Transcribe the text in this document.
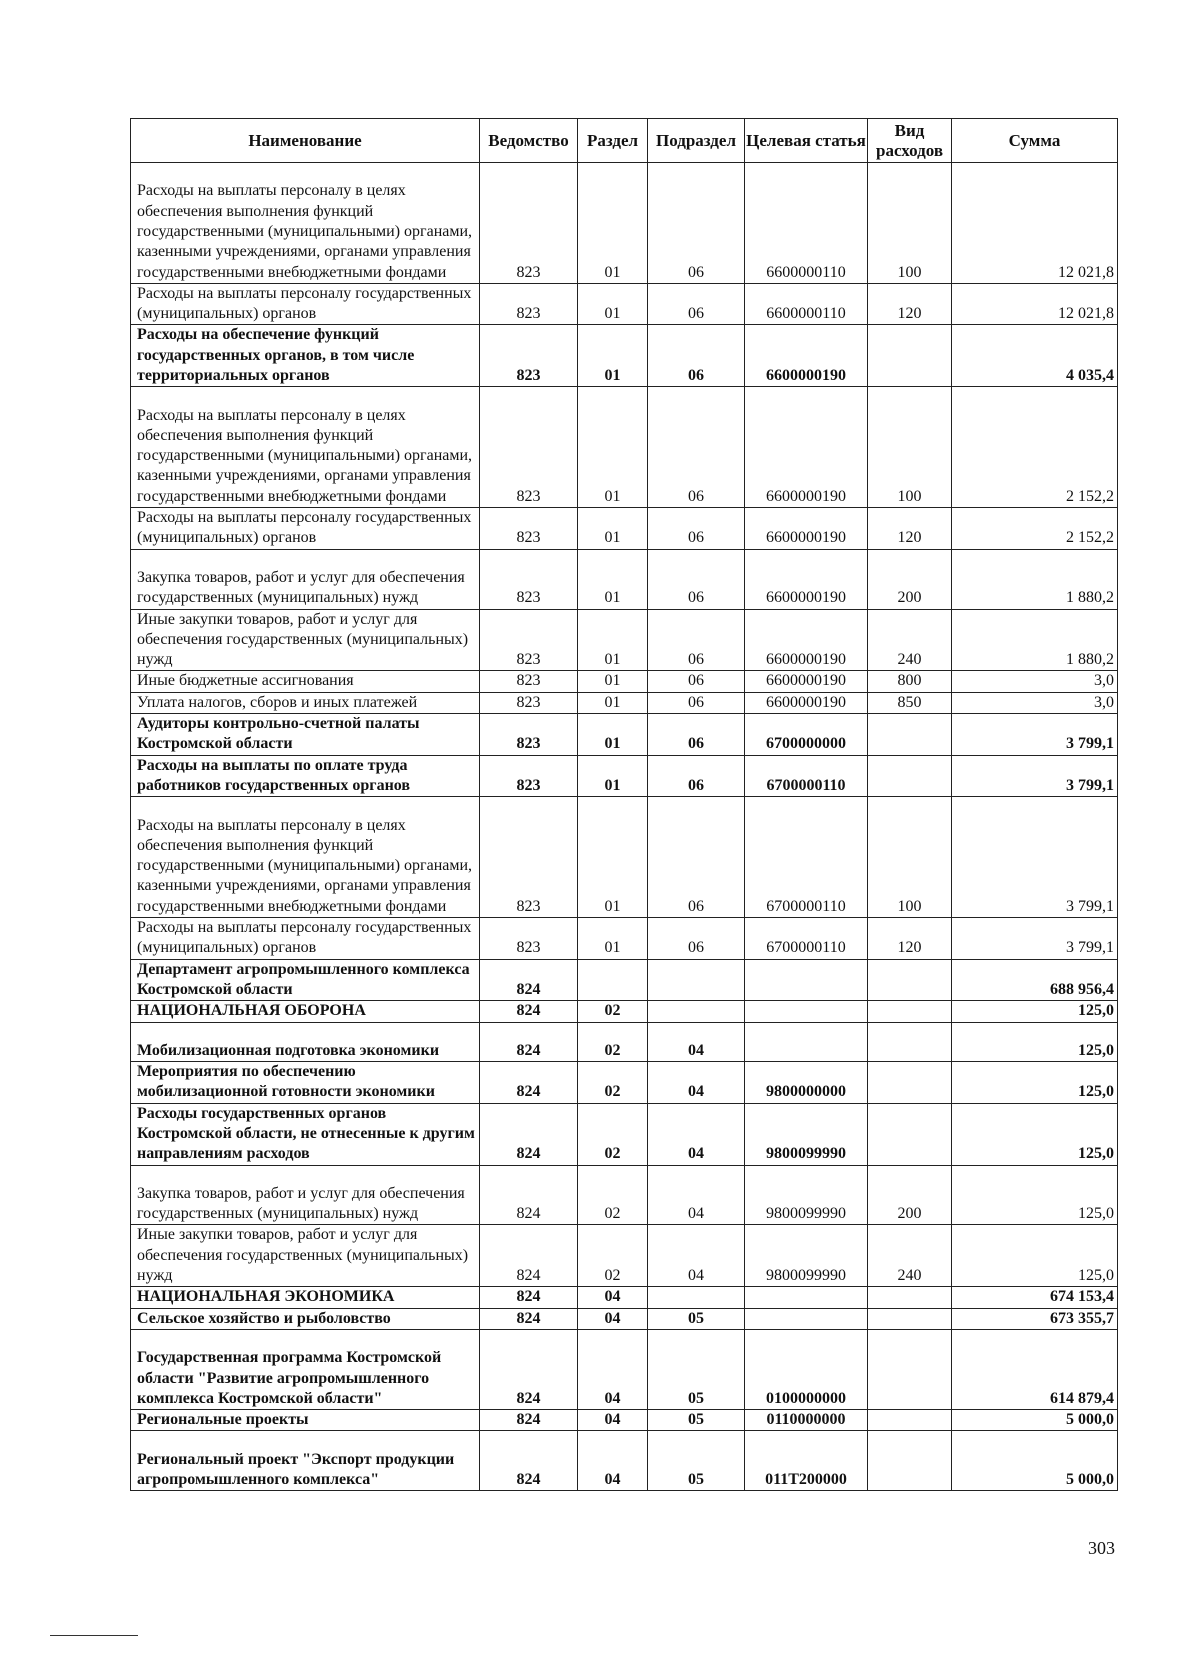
Наименование	Ведомство	Раздел	Подраздел	Целевая статья	Вид расходов	Сумма
Расходы на выплаты персоналу в целях обеспечения выполнения функций государственными (муниципальными) органами, казенными учреждениями, органами управления государственными внебюджетными фондами	823	01	06	6600000110	100	12 021,8
Расходы на выплаты персоналу государственных (муниципальных) органов	823	01	06	6600000110	120	12 021,8
Расходы на обеспечение функций государственных органов, в том числе территориальных органов	823	01	06	6600000190		4 035,4
Расходы на выплаты персоналу в целях обеспечения выполнения функций государственными (муниципальными) органами, казенными учреждениями, органами управления государственными внебюджетными фондами	823	01	06	6600000190	100	2 152,2
Расходы на выплаты персоналу государственных (муниципальных) органов	823	01	06	6600000190	120	2 152,2
Закупка товаров, работ и услуг для обеспечения государственных (муниципальных) нужд	823	01	06	6600000190	200	1 880,2
Иные закупки товаров, работ и услуг для обеспечения государственных (муниципальных) нужд	823	01	06	6600000190	240	1 880,2
Иные бюджетные ассигнования	823	01	06	6600000190	800	3,0
Уплата налогов, сборов и иных платежей	823	01	06	6600000190	850	3,0
Аудиторы контрольно-счетной палаты Костромской области	823	01	06	6700000000		3 799,1
Расходы на выплаты по оплате труда работников государственных органов	823	01	06	6700000110		3 799,1
Расходы на выплаты персоналу в целях обеспечения выполнения функций государственными (муниципальными) органами, казенными учреждениями, органами управления государственными внебюджетными фондами	823	01	06	6700000110	100	3 799,1
Расходы на выплаты персоналу государственных (муниципальных) органов	823	01	06	6700000110	120	3 799,1
Департамент агропромышленного комплекса Костромской области	824					688 956,4
НАЦИОНАЛЬНАЯ ОБОРОНА	824	02				125,0
Мобилизационная подготовка экономики	824	02	04			125,0
Мероприятия по обеспечению мобилизационной готовности экономики	824	02	04	9800000000		125,0
Расходы государственных органов Костромской области, не отнесенные к другим направлениям расходов	824	02	04	9800099990		125,0
Закупка товаров, работ и услуг для обеспечения государственных (муниципальных) нужд	824	02	04	9800099990	200	125,0
Иные закупки товаров, работ и услуг для обеспечения государственных (муниципальных) нужд	824	02	04	9800099990	240	125,0
НАЦИОНАЛЬНАЯ ЭКОНОМИКА	824	04				674 153,4
Сельское хозяйство и рыболовство	824	04	05			673 355,7
Государственная программа Костромской области "Развитие агропромышленного комплекса Костромской области"	824	04	05	0100000000		614 879,4
Региональные проекты	824	04	05	0110000000		5 000,0
Региональный проект "Экспорт продукции агропромышленного комплекса"	824	04	05	011T200000		5 000,0
303
